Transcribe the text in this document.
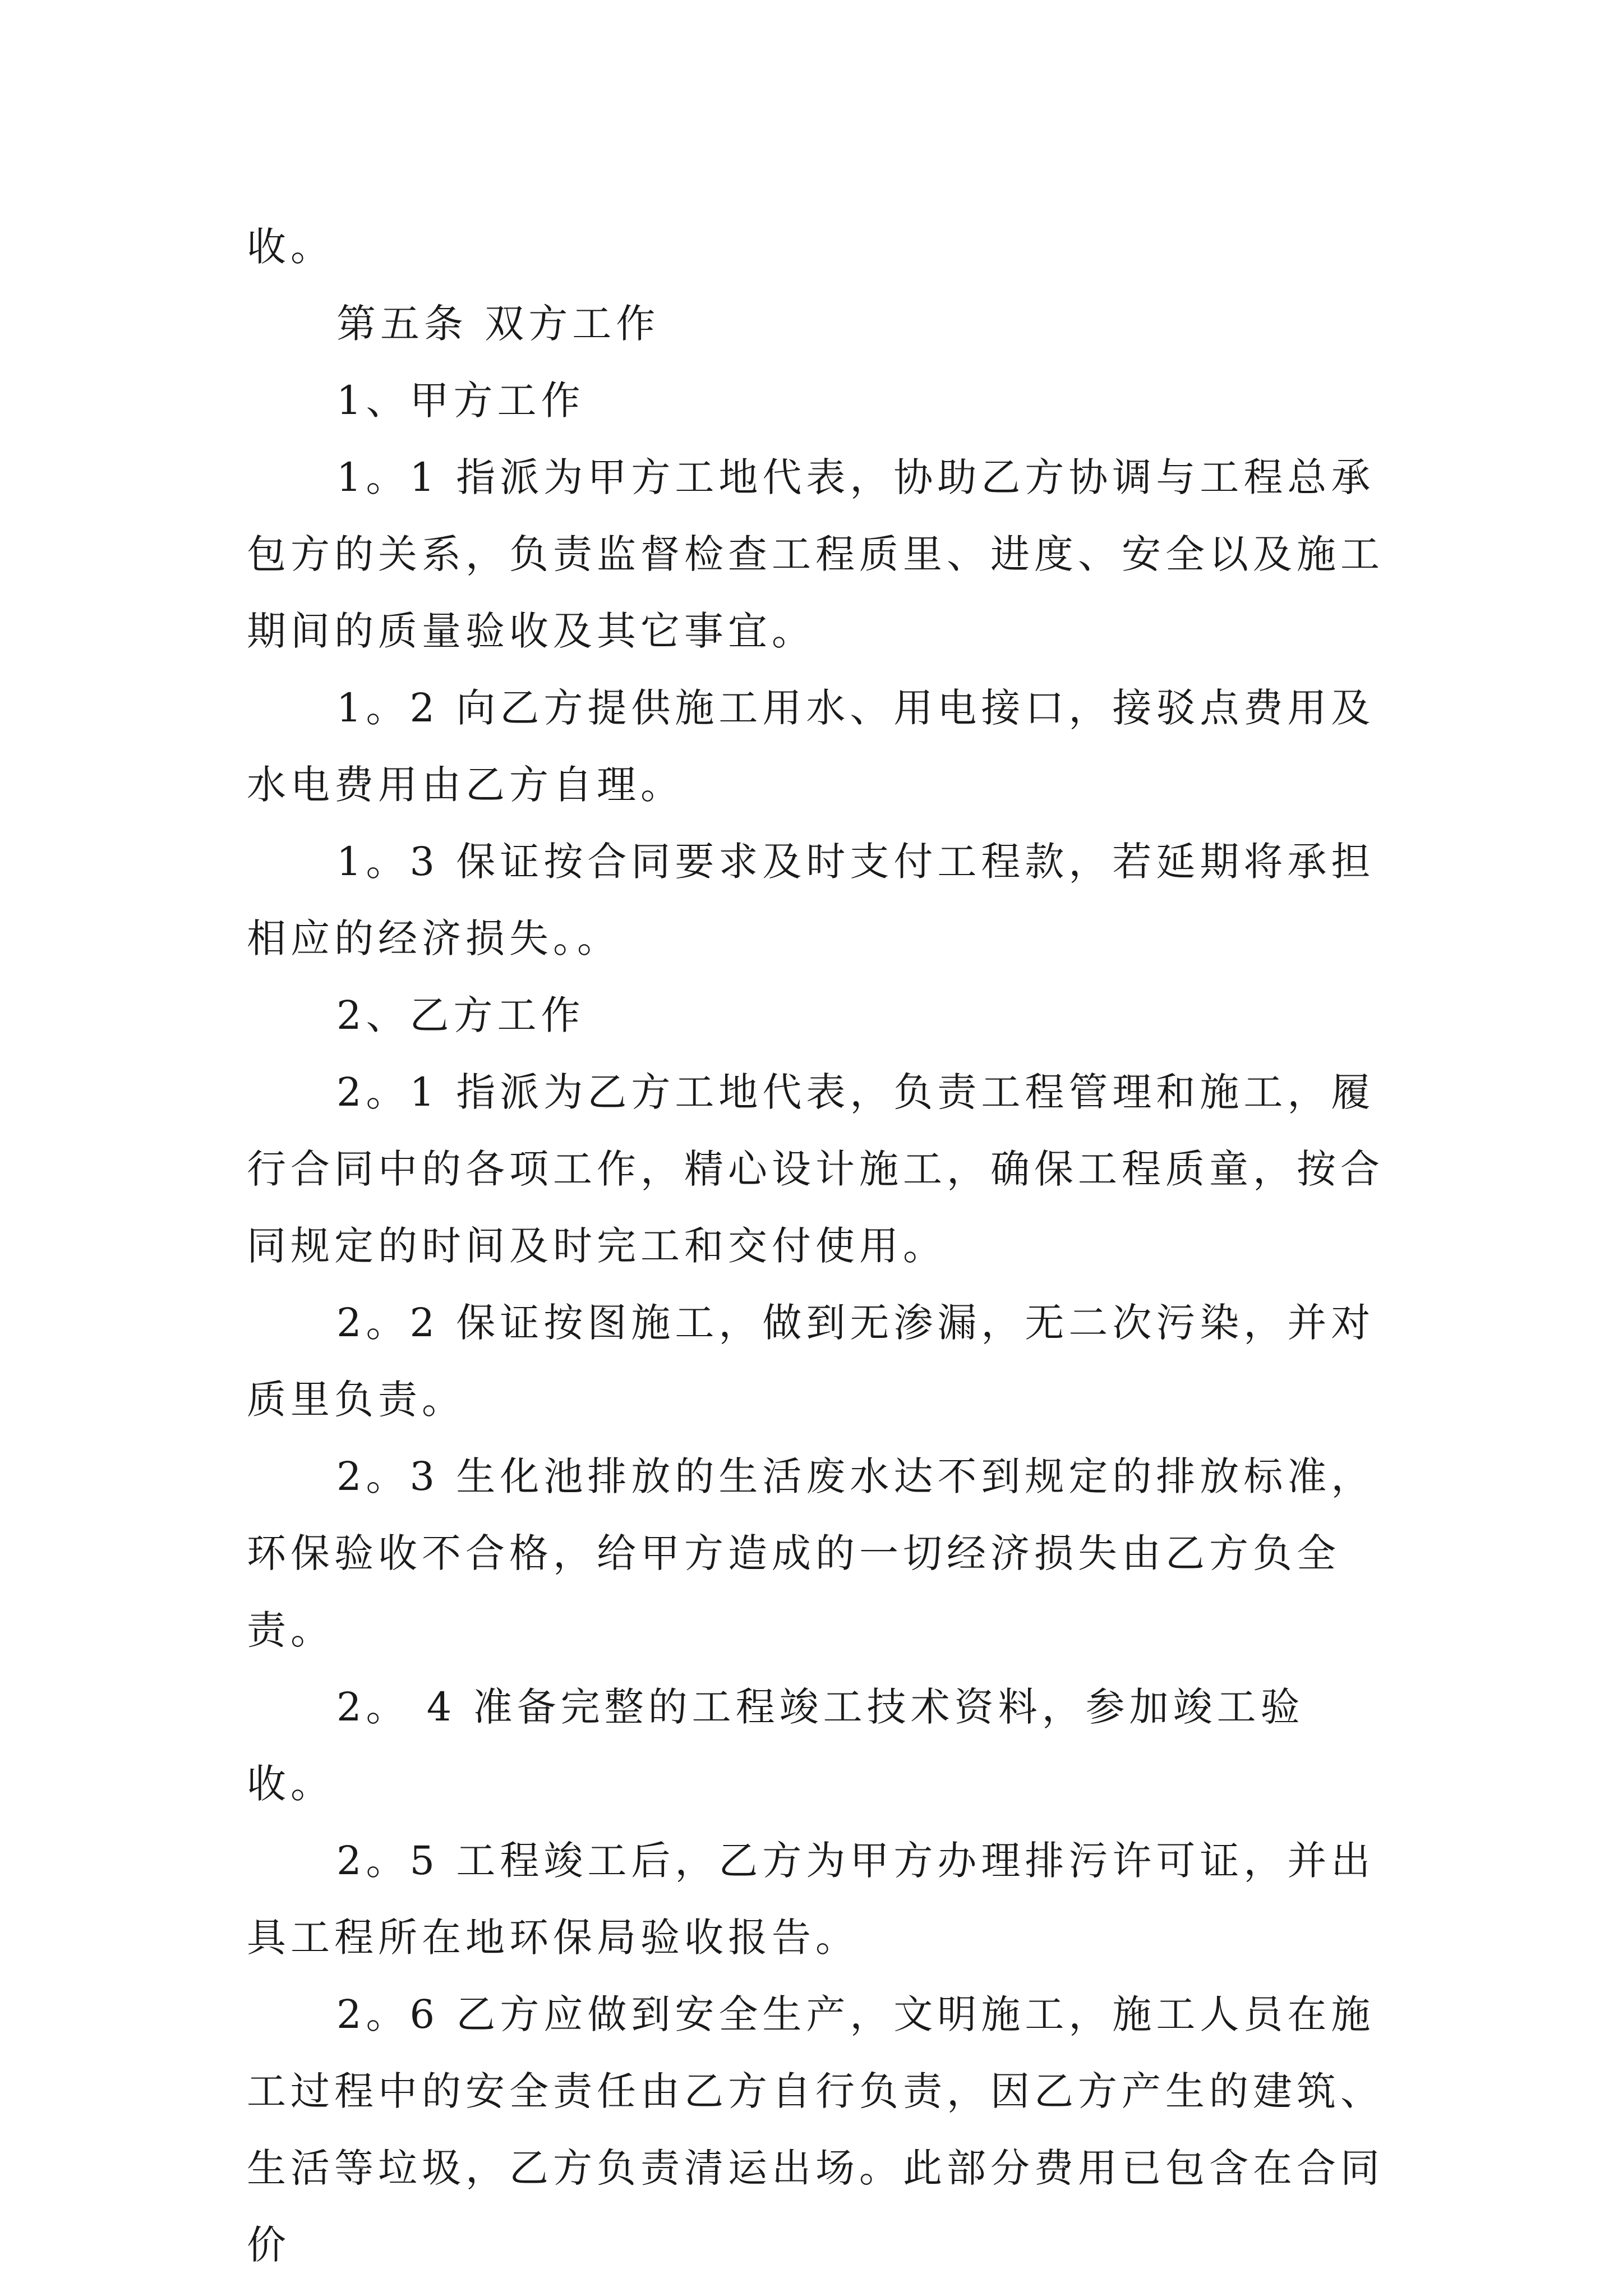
收。

第五条 双方工作

1、甲方工作

1。1 指派为甲方工地代表，协助乙方协调与工程总承包方的关系，负责监督检查工程质里、进度、安全以及施工期间的质量验收及其它事宜。

1。2 向乙方提供施工用水、用电接口，接驳点费用及水电费用由乙方自理。

1。3 保证按合同要求及时支付工程款，若延期将承担相应的经济损失。。

2、乙方工作

2。1 指派为乙方工地代表，负责工程管理和施工，履行合同中的各项工作，精心设计施工，确保工程质童，按合同规定的时间及时完工和交付使用。

2。2 保证按图施工，做到无渗漏，无二次污染，并对质里负责。

2。3 生化池排放的生活废水达不到规定的排放标准，环保验收不合格，给甲方造成的一切经济损失由乙方负全责。

2。 4 准备完整的工程竣工技术资料，参加竣工验收。

2。5 工程竣工后，乙方为甲方办理排污许可证，并出具工程所在地环保局验收报告。

2。6 乙方应做到安全生产，文明施工，施工人员在施工过程中的安全责任由乙方自行负责，因乙方产生的建筑、生活等垃圾，乙方负责清运出场。此部分费用已包含在合同价
